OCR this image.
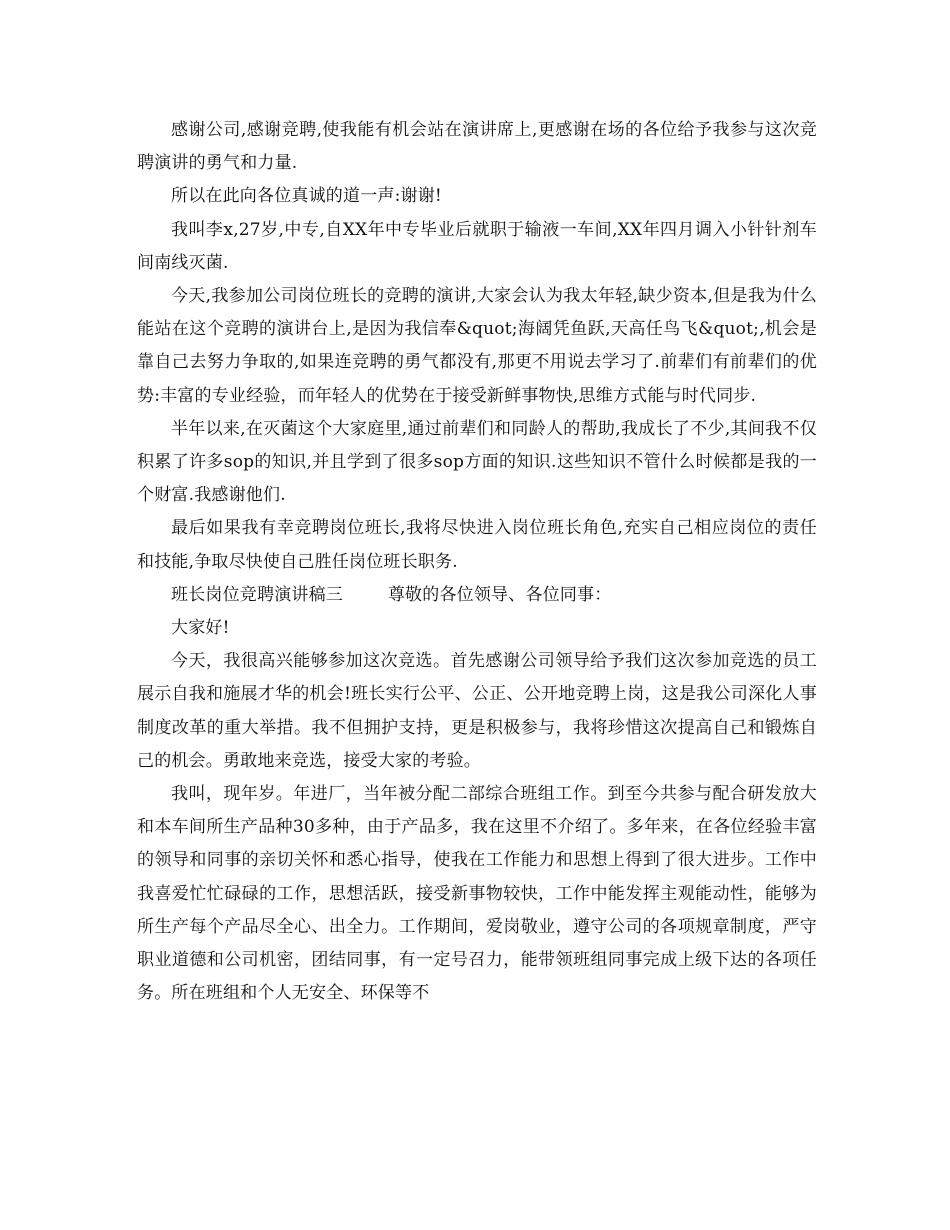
感谢公司,感谢竞聘,使我能有机会站在演讲席上,更感谢在场的各位给予我参与这次竞聘演讲的勇气和力量.

所以在此向各位真诚的道一声:谢谢!

我叫李x,27岁,中专,自XX年中专毕业后就职于输液一车间,XX年四月调入小针针剂车间南线灭菌.

今天,我参加公司岗位班长的竞聘的演讲,大家会认为我太年轻,缺少资本,但是我为什么能站在这个竞聘的演讲台上,是因为我信奉&quot;海阔凭鱼跃,天高任鸟飞&quot;,机会是靠自己去努力争取的,如果连竞聘的勇气都没有,那更不用说去学习了.前辈们有前辈们的优势:丰富的专业经验，而年轻人的优势在于接受新鲜事物快,思维方式能与时代同步.

半年以来,在灭菌这个大家庭里,通过前辈们和同龄人的帮助,我成长了不少,其间我不仅积累了许多sop的知识,并且学到了很多sop方面的知识.这些知识不管什么时候都是我的一个财富.我感谢他们.

最后如果我有幸竞聘岗位班长,我将尽快进入岗位班长角色,充实自己相应岗位的责任和技能,争取尽快使自己胜任岗位班长职务.

班长岗位竞聘演讲稿三	尊敬的各位领导、各位同事：

大家好!

今天，我很高兴能够参加这次竞选。首先感谢公司领导给予我们这次参加竞选的员工展示自我和施展才华的机会!班长实行公平、公正、公开地竞聘上岗，这是我公司深化人事制度改革的重大举措。我不但拥护支持，更是积极参与，我将珍惜这次提高自己和锻炼自己的机会。勇敢地来竞选，接受大家的考验。

我叫，现年岁。年进厂，当年被分配二部综合班组工作。到至今共参与配合研发放大和本车间所生产品种30多种，由于产品多，我在这里不介绍了。多年来，在各位经验丰富的领导和同事的亲切关怀和悉心指导，使我在工作能力和思想上得到了很大进步。工作中我喜爱忙忙碌碌的工作，思想活跃，接受新事物较快，工作中能发挥主观能动性，能够为所生产每个产品尽全心、出全力。工作期间，爱岗敬业，遵守公司的各项规章制度，严守职业道德和公司机密，团结同事，有一定号召力，能带领班组同事完成上级下达的各项任务。所在班组和个人无安全、环保等不
